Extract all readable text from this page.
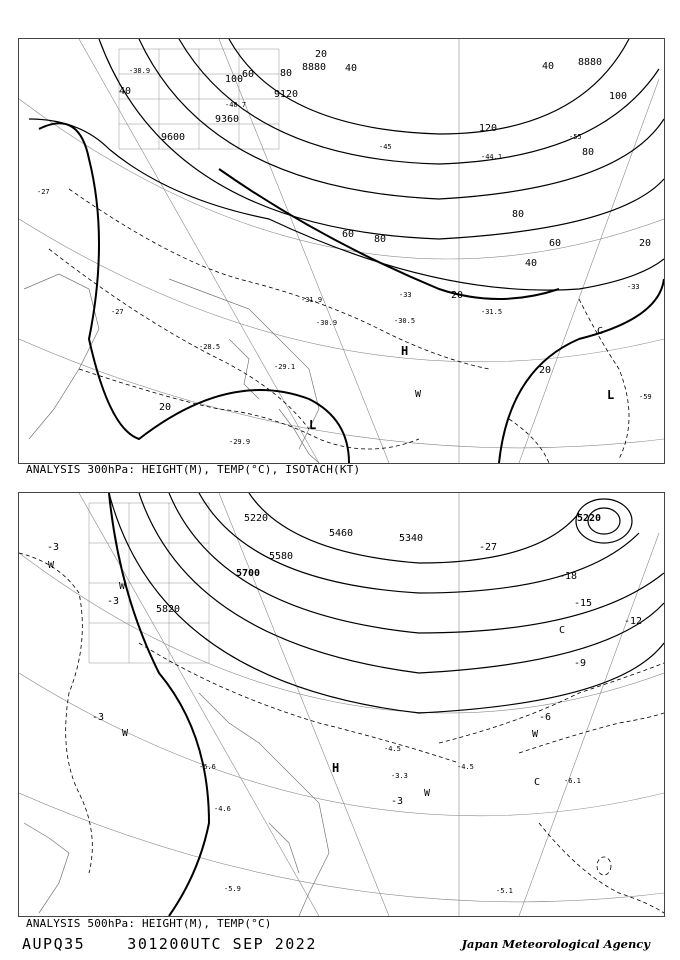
8880
9120
9360
9600
8880
20
40
60	80
100
120
40
60 80
100
80
40
20
20
20
20
80
60
40
-27
-27
-28.5
-29.1
-29.9
-30.5
-30.9
-31.5
-31.9
-33
-33
-38.9
-40.7
-44.1
-45
-55
-59
H
L
L
C
W
ANALYSIS 300hPa: HEIGHT(M), TEMP(°C), ISOTACH(KT)
5220
5340
5580
5700
5820
5220
5460
-3
-3
-3
-3
-6
-9
-12
-15
-18
-27
-6.1
-4.5
-3.3
-6.6
-5.1
-4.6
-5.9
-4.5
H
W
W
W
W
C
C
W
ANALYSIS 500hPa: HEIGHT(M), TEMP(°C)
AUPQ35    301200UTC SEP 2022	Japan Meteorological Agency
